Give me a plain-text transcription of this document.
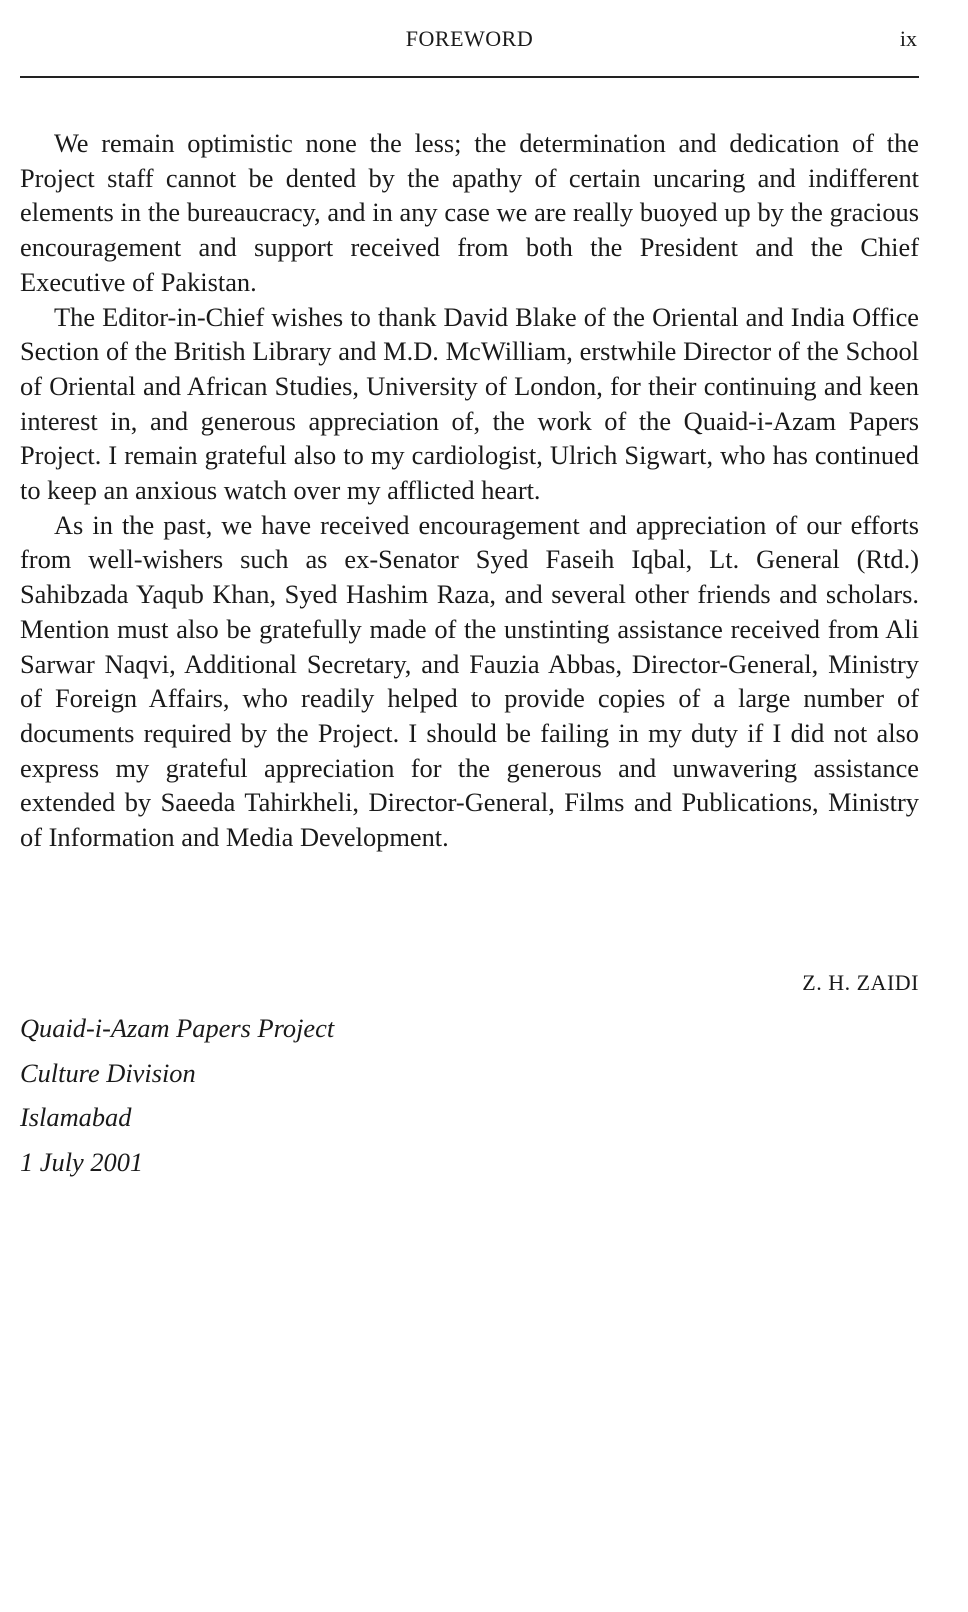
FOREWORD	ix

We remain optimistic none the less; the determination and dedication of the Project staff cannot be dented by the apathy of certain uncaring and indifferent elements in the bureaucracy, and in any case we are really buoyed up by the gracious encouragement and support received from both the President and the Chief Executive of Pakistan.

The Editor-in-Chief wishes to thank David Blake of the Oriental and India Office Section of the British Library and M.D. McWilliam, erstwhile Director of the School of Oriental and African Studies, University of London, for their continuing and keen interest in, and generous appreciation of, the work of the Quaid-i-Azam Papers Project. I remain grateful also to my cardiologist, Ulrich Sigwart, who has continued to keep an anxious watch over my afflicted heart.

As in the past, we have received encouragement and appreciation of our efforts from well-wishers such as ex-Senator Syed Faseih Iqbal, Lt. General (Rtd.) Sahibzada Yaqub Khan, Syed Hashim Raza, and several other friends and scholars. Mention must also be gratefully made of the unstinting assistance received from Ali Sarwar Naqvi, Additional Secretary, and Fauzia Abbas, Director-General, Ministry of Foreign Affairs, who readily helped to provide copies of a large number of documents required by the Project. I should be failing in my duty if I did not also express my grateful appreciation for the generous and unwavering assistance extended by Saeeda Tahirkheli, Director-General, Films and Publications, Ministry of Information and Media Development.

Z. H. ZAIDI
Quaid-i-Azam Papers Project
Culture Division
Islamabad
1 July 2001
